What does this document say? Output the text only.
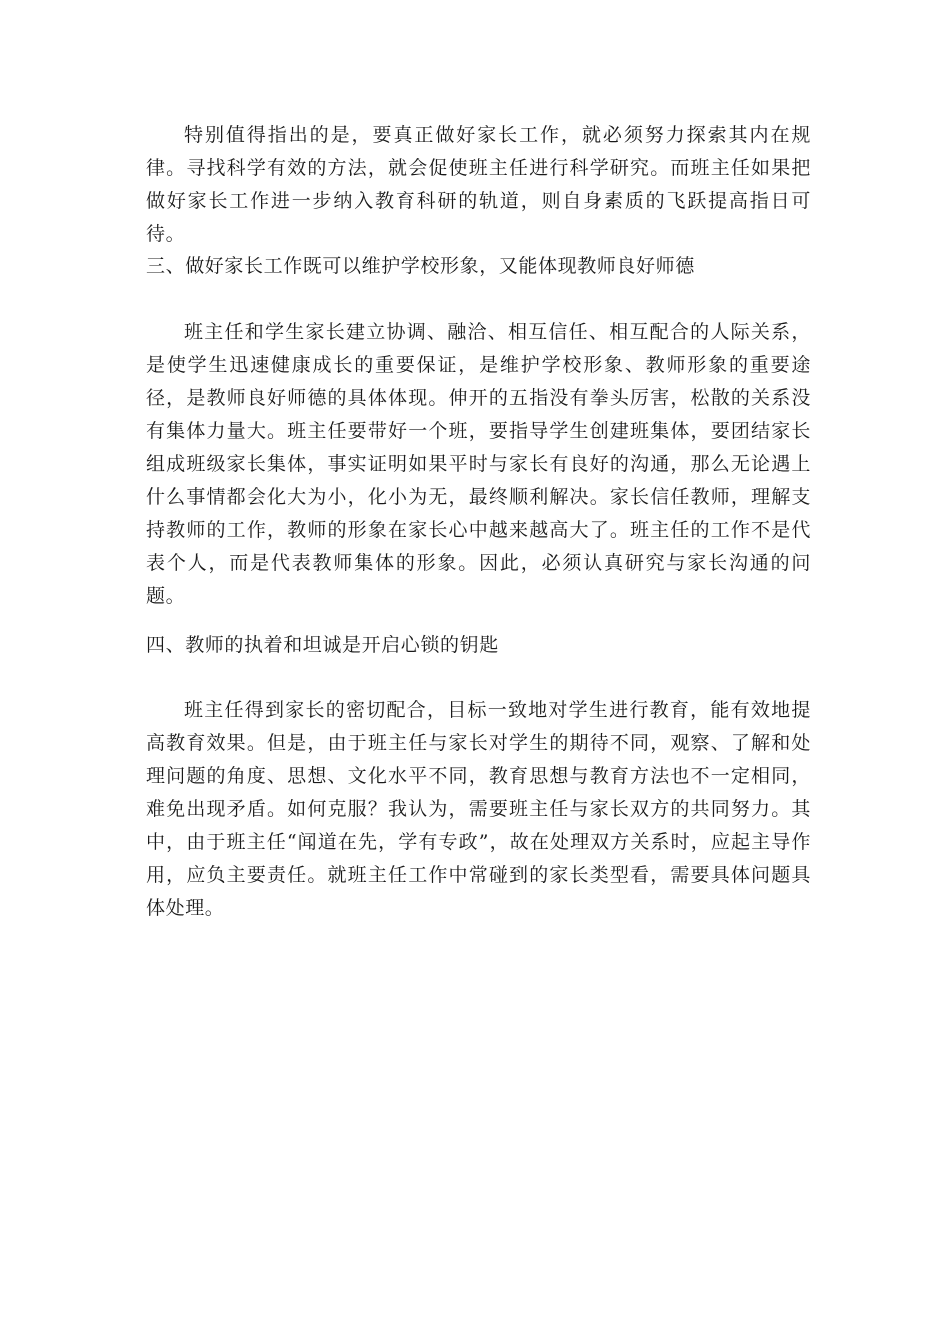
特别值得指出的是，要真正做好家长工作，就必须努力探索其内在规律。寻找科学有效的方法，就会促使班主任进行科学研究。而班主任如果把做好家长工作进一步纳入教育科研的轨道，则自身素质的飞跃提高指日可待。

三、做好家长工作既可以维护学校形象，又能体现教师良好师德

班主任和学生家长建立协调、融洽、相互信任、相互配合的人际关系，是使学生迅速健康成长的重要保证，是维护学校形象、教师形象的重要途径，是教师良好师德的具体体现。伸开的五指没有拳头厉害，松散的关系没有集体力量大。班主任要带好一个班，要指导学生创建班集体，要团结家长组成班级家长集体，事实证明如果平时与家长有良好的沟通，那么无论遇上什么事情都会化大为小，化小为无，最终顺利解决。家长信任教师，理解支持教师的工作，教师的形象在家长心中越来越高大了。班主任的工作不是代表个人，而是代表教师集体的形象。因此，必须认真研究与家长沟通的问题。

四、教师的执着和坦诚是开启心锁的钥匙

班主任得到家长的密切配合，目标一致地对学生进行教育，能有效地提高教育效果。但是，由于班主任与家长对学生的期待不同，观察、了解和处理问题的角度、思想、文化水平不同，教育思想与教育方法也不一定相同，难免出现矛盾。如何克服？我认为，需要班主任与家长双方的共同努力。其中，由于班主任“闻道在先，学有专政”，故在处理双方关系时，应起主导作用，应负主要责任。就班主任工作中常碰到的家长类型看，需要具体问题具体处理。
